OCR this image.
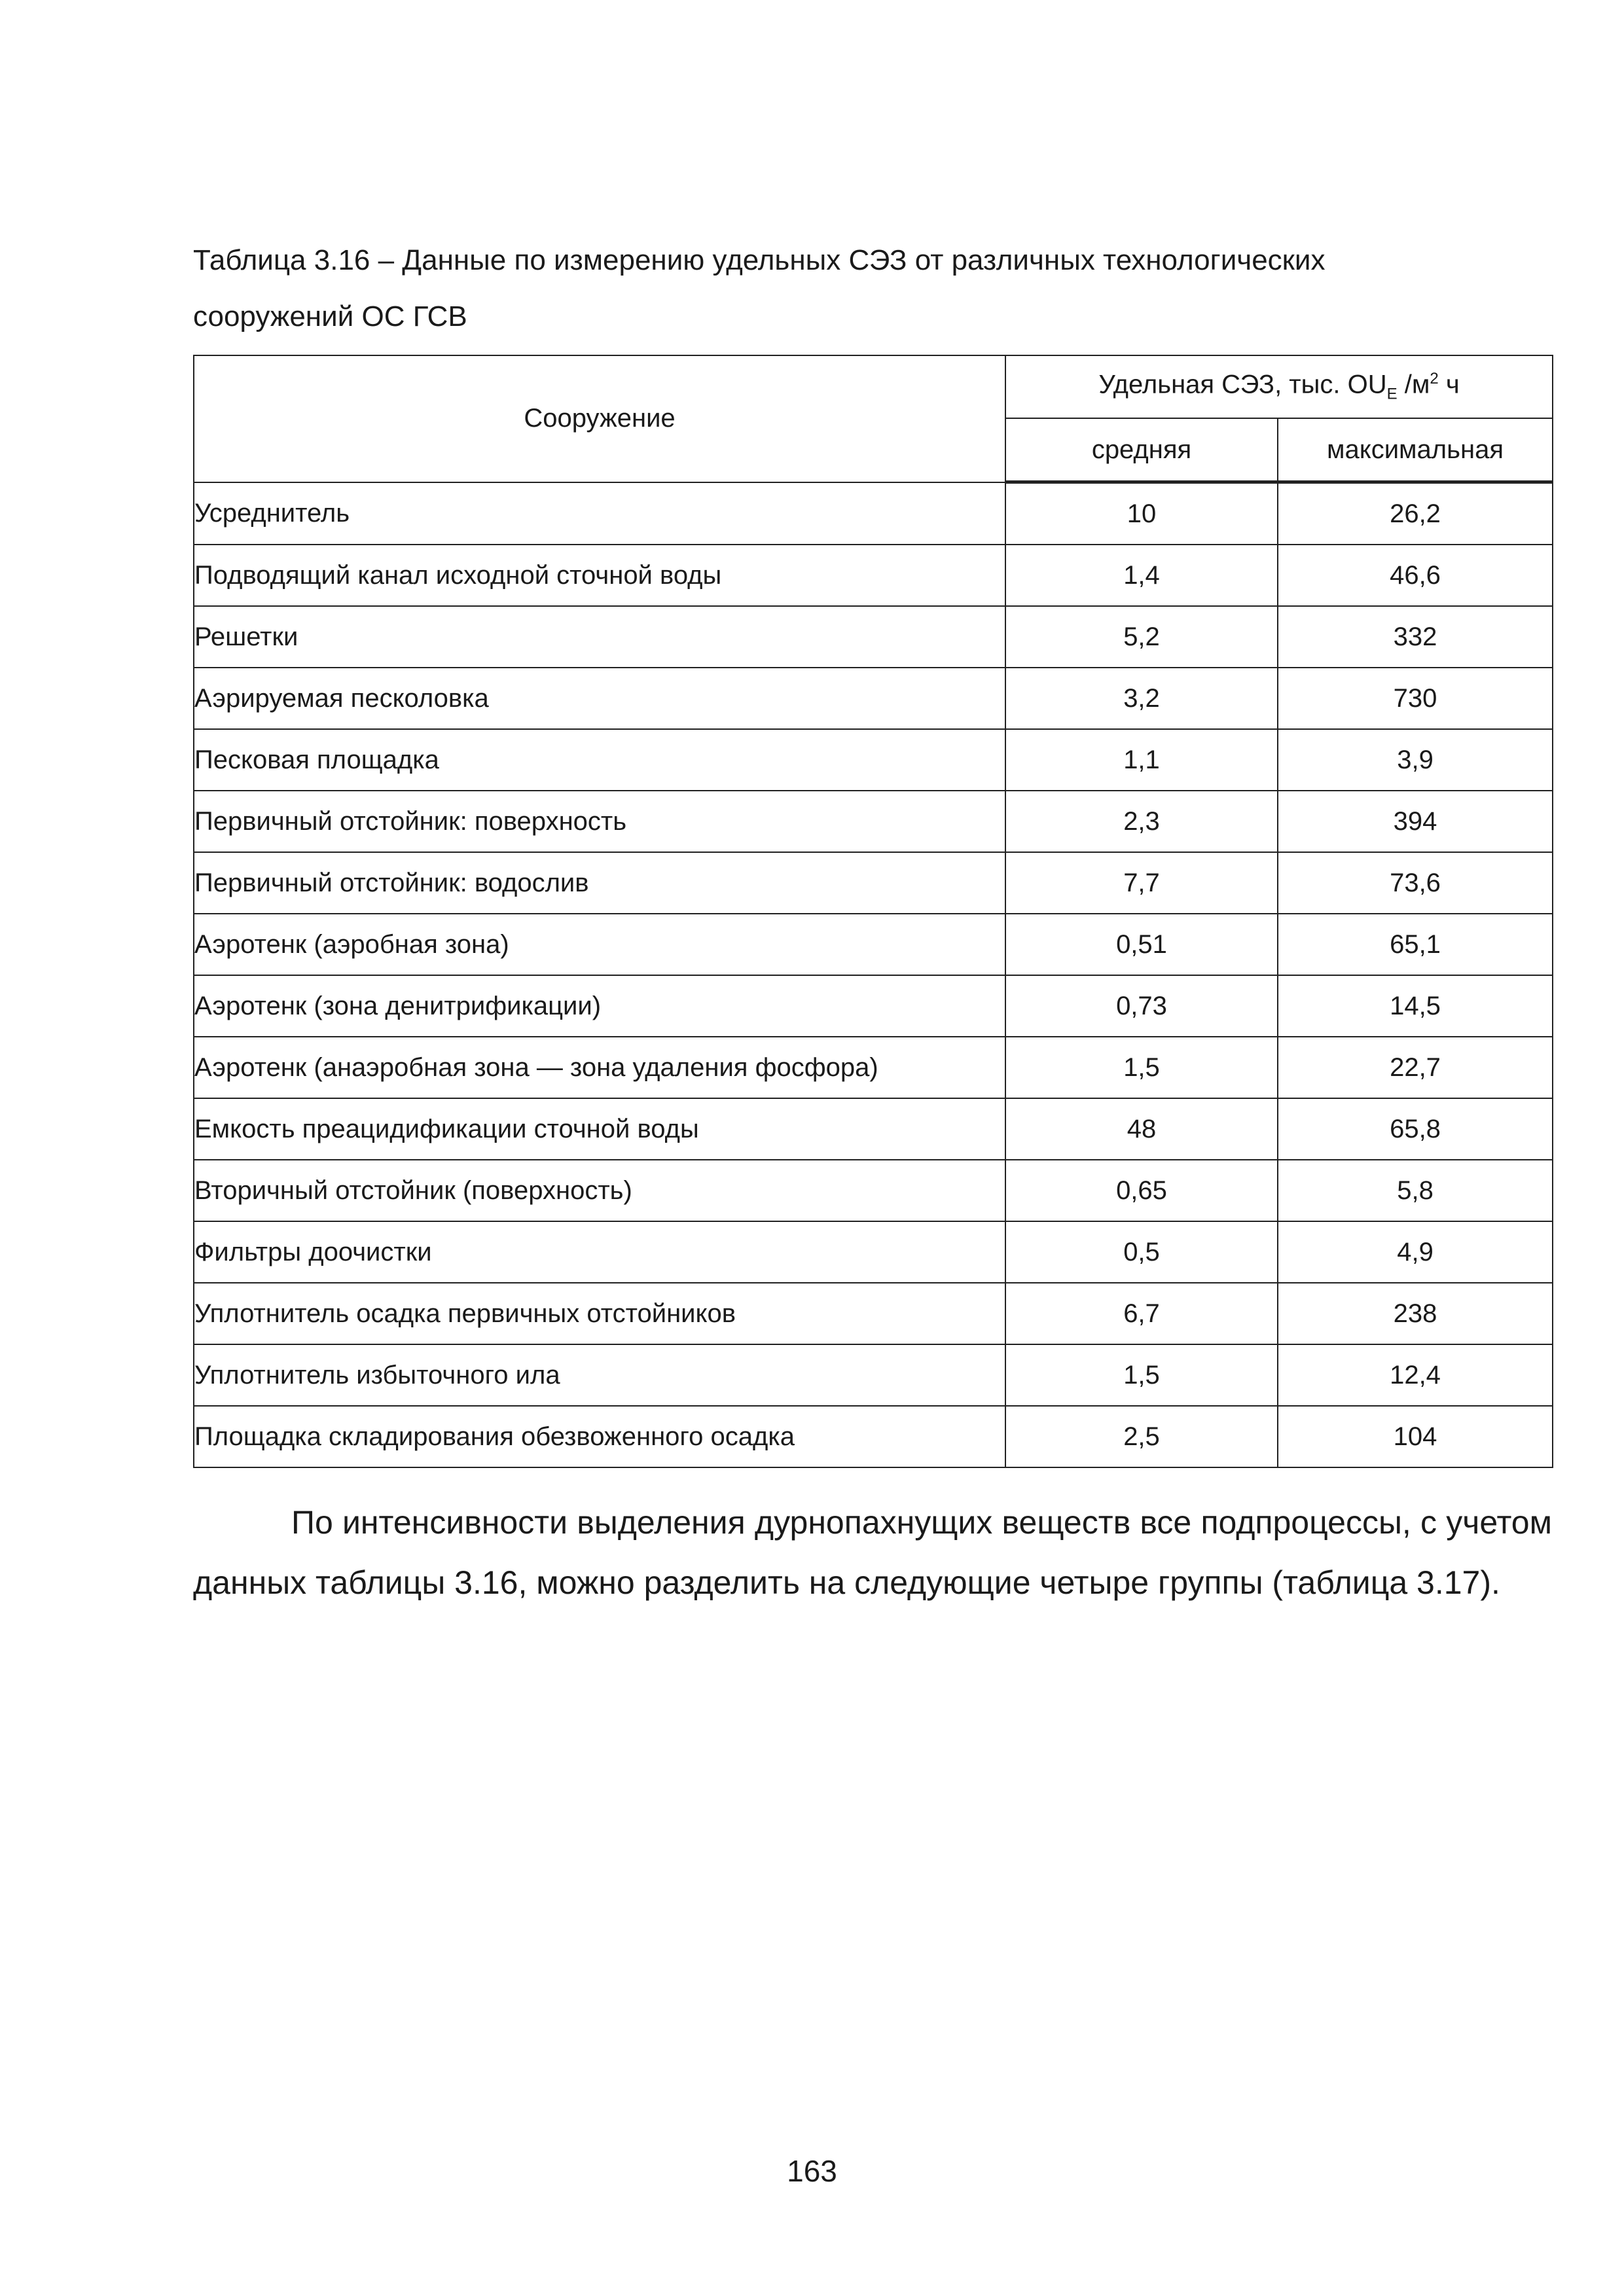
Таблица 3.16 – Данные по измерению удельных СЭЗ от различных технологических
сооружений ОС ГСВ
Сооружение	Удельная СЭЗ, тыс. $OU_E$ $/м^2$ ч	
	средняя	максимальная
Усреднитель	10	26,2
Подводящий канал исходной сточной воды	1,4	46,6
Решетки	5,2	332
Аэрируемая песколовка	3,2	730
Песковая площадка	1,1	3,9
Первичный отстойник: поверхность	2,3	394
Первичный отстойник: водослив	7,7	73,6
Аэротенк (аэробная зона)	0,51	65,1
Аэротенк (зона денитрификации)	0,73	14,5
Аэротенк (анаэробная зона — зона удаления фосфора)	1,5	22,7
Емкость преацидификации сточной воды	48	65,8
Вторичный отстойник (поверхность)	0,65	5,8
Фильтры доочистки	0,5	4,9
Уплотнитель осадка первичных отстойников	6,7	238
Уплотнитель избыточного ила	1,5	12,4
Площадка складирования обезвоженного осадка	2,5	104
По интенсивности выделения дурнопахнущих веществ все подпроцессы, с учетом
данных таблицы 3.16, можно разделить на следующие четыре группы (таблица 3.17).
163
